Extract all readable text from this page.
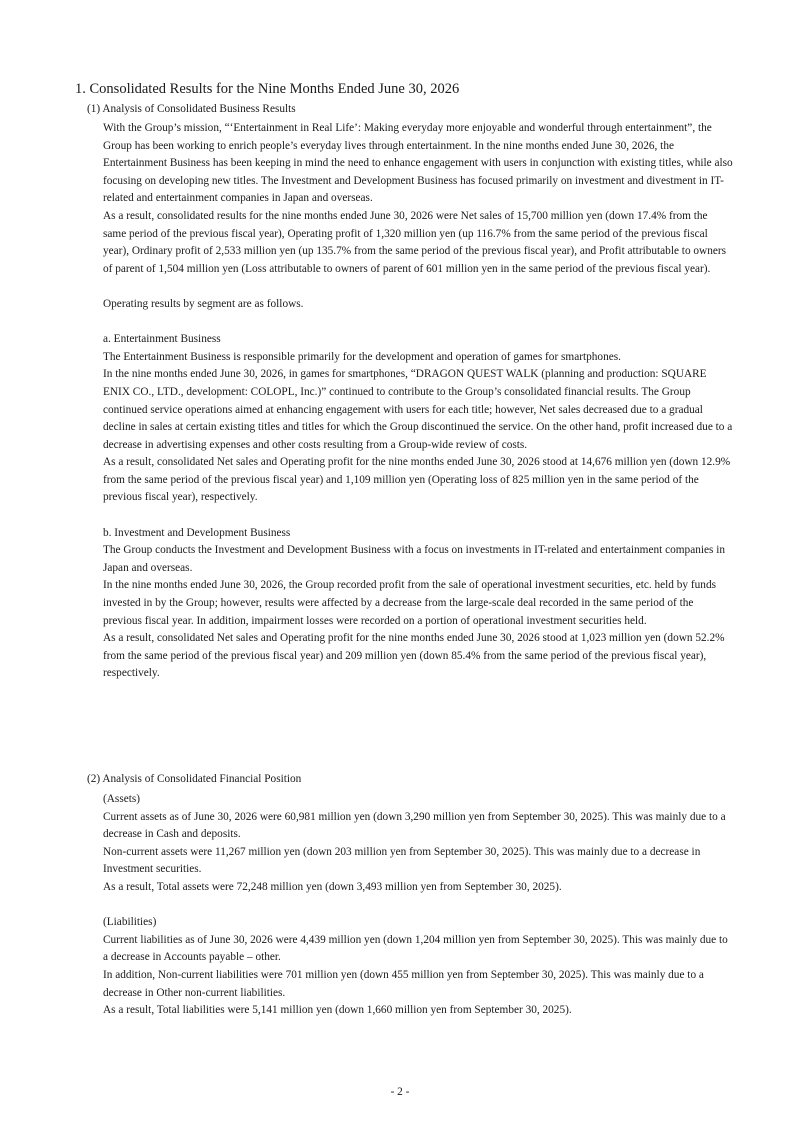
1. Consolidated Results for the Nine Months Ended June 30, 2026
(1) Analysis of Consolidated Business Results

With the Group’s mission, “‘Entertainment in Real Life’: Making everyday more enjoyable and wonderful through entertainment”, the Group has been working to enrich people’s everyday lives through entertainment. In the nine months ended June 30, 2026, the Entertainment Business has been keeping in mind the need to enhance engagement with users in conjunction with existing titles, while also focusing on developing new titles. The Investment and Development Business has focused primarily on investment and divestment in IT-related and entertainment companies in Japan and overseas.

As a result, consolidated results for the nine months ended June 30, 2026 were Net sales of 15,700 million yen (down 17.4% from the same period of the previous fiscal year), Operating profit of 1,320 million yen (up 116.7% from the same period of the previous fiscal year), Ordinary profit of 2,533 million yen (up 135.7% from the same period of the previous fiscal year), and Profit attributable to owners of parent of 1,504 million yen (Loss attributable to owners of parent of 601 million yen in the same period of the previous fiscal year).

Operating results by segment are as follows.

a. Entertainment Business

The Entertainment Business is responsible primarily for the development and operation of games for smartphones.

In the nine months ended June 30, 2026, in games for smartphones, “DRAGON QUEST WALK (planning and production: SQUARE ENIX CO., LTD., development: COLOPL, Inc.)” continued to contribute to the Group’s consolidated financial results. The Group continued service operations aimed at enhancing engagement with users for each title; however, Net sales decreased due to a gradual decline in sales at certain existing titles and titles for which the Group discontinued the service. On the other hand, profit increased due to a decrease in advertising expenses and other costs resulting from a Group-wide review of costs.

As a result, consolidated Net sales and Operating profit for the nine months ended June 30, 2026 stood at 14,676 million yen (down 12.9% from the same period of the previous fiscal year) and 1,109 million yen (Operating loss of 825 million yen in the same period of the previous fiscal year), respectively.

b. Investment and Development Business

The Group conducts the Investment and Development Business with a focus on investments in IT-related and entertainment companies in Japan and overseas.

In the nine months ended June 30, 2026, the Group recorded profit from the sale of operational investment securities, etc. held by funds invested in by the Group; however, results were affected by a decrease from the large-scale deal recorded in the same period of the previous fiscal year. In addition, impairment losses were recorded on a portion of operational investment securities held.

As a result, consolidated Net sales and Operating profit for the nine months ended June 30, 2026 stood at 1,023 million yen (down 52.2% from the same period of the previous fiscal year) and 209 million yen (down 85.4% from the same period of the previous fiscal year), respectively.

(2) Analysis of Consolidated Financial Position

(Assets)

Current assets as of June 30, 2026 were 60,981 million yen (down 3,290 million yen from September 30, 2025). This was mainly due to a decrease in Cash and deposits.

Non-current assets were 11,267 million yen (down 203 million yen from September 30, 2025). This was mainly due to a decrease in Investment securities.

As a result, Total assets were 72,248 million yen (down 3,493 million yen from September 30, 2025).

(Liabilities)

Current liabilities as of June 30, 2026 were 4,439 million yen (down 1,204 million yen from September 30, 2025). This was mainly due to a decrease in Accounts payable – other.

In addition, Non-current liabilities were 701 million yen (down 455 million yen from September 30, 2025). This was mainly due to a decrease in Other non-current liabilities.

As a result, Total liabilities were 5,141 million yen (down 1,660 million yen from September 30, 2025).

- 2 -
